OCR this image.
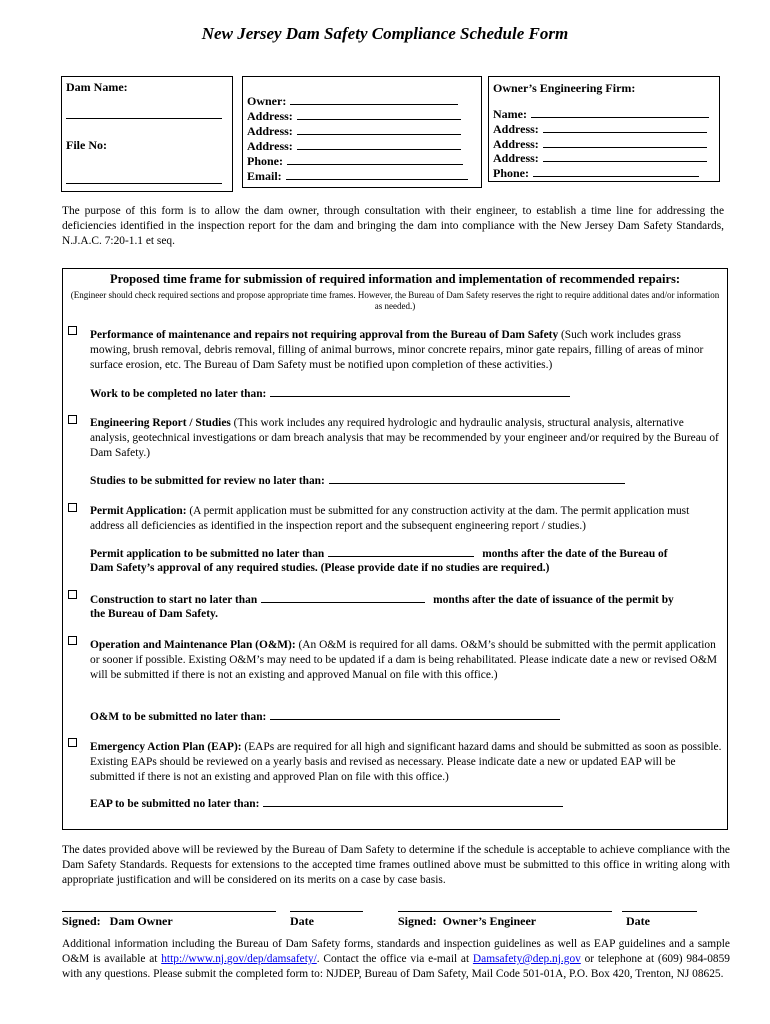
New Jersey Dam Safety Compliance Schedule Form
Dam Name:
File No:
Owner:
Address:
Address:
Address:
Phone:
Email:
Owner’s Engineering Firm:
Name:
Address:
Address:
Address:
Phone:
The purpose of this form is to allow the dam owner, through consultation with their engineer, to establish a time line for addressing the deficiencies identified in the inspection report for the dam and bringing the dam into compliance with the New Jersey Dam Safety Standards, N.J.A.C. 7:20-1.1 et seq.
Proposed time frame for submission of required information and implementation of recommended repairs:
(Engineer should check required sections and propose appropriate time frames. However, the Bureau of Dam Safety reserves the right to require additional dates and/or information as needed.)
Performance of maintenance and repairs not requiring approval from the Bureau of Dam Safety (Such work includes grass mowing, brush removal, debris removal, filling of animal burrows, minor concrete repairs, minor gate repairs, filling of areas of minor surface erosion, etc. The Bureau of Dam Safety must be notified upon completion of these activities.)
Work to be completed no later than:
Engineering Report / Studies (This work includes any required hydrologic and hydraulic analysis, structural analysis, alternative analysis, geotechnical investigations or dam breach analysis that may be recommended by your engineer and/or required by the Bureau of Dam Safety.)
Studies to be submitted for review no later than:
Permit Application: (A permit application must be submitted for any construction activity at the dam. The permit application must address all deficiencies as identified in the inspection report and the subsequent engineering report / studies.)
Permit application to be submitted no later than	months after the date of the Bureau of
Dam Safety’s approval of any required studies. (Please provide date if no studies are required.)
Construction to start no later than	months after the date of issuance of the permit by
the Bureau of Dam Safety.
Operation and Maintenance Plan (O&M): (An O&M is required for all dams. O&M’s should be submitted with the permit application or sooner if possible. Existing O&M’s may need to be updated if a dam is being rehabilitated. Please indicate date a new or revised O&M will be submitted if there is not an existing and approved Manual on file with this office.)
O&M to be submitted no later than:
Emergency Action Plan (EAP): (EAPs are required for all high and significant hazard dams and should be submitted as soon as possible. Existing EAPs should be reviewed on a yearly basis and revised as necessary. Please indicate date a new or updated EAP will be submitted if there is not an existing and approved Plan on file with this office.)
EAP to be submitted no later than:
The dates provided above will be reviewed by the Bureau of Dam Safety to determine if the schedule is acceptable to achieve compliance with the Dam Safety Standards. Requests for extensions to the accepted time frames outlined above must be submitted to this office in writing along with appropriate justification and will be considered on its merits on a case by case basis.
Signed:   Dam Owner	Date	Signed:  Owner’s Engineer	Date
Additional information including the Bureau of Dam Safety forms, standards and inspection guidelines as well as EAP guidelines and a sample O&M is available at http://www.nj.gov/dep/damsafety/. Contact the office via e-mail at Damsafety@dep.nj.gov or telephone at (609) 984-0859 with any questions. Please submit the completed form to: NJDEP, Bureau of Dam Safety, Mail Code 501-01A, P.O. Box 420, Trenton, NJ 08625.
